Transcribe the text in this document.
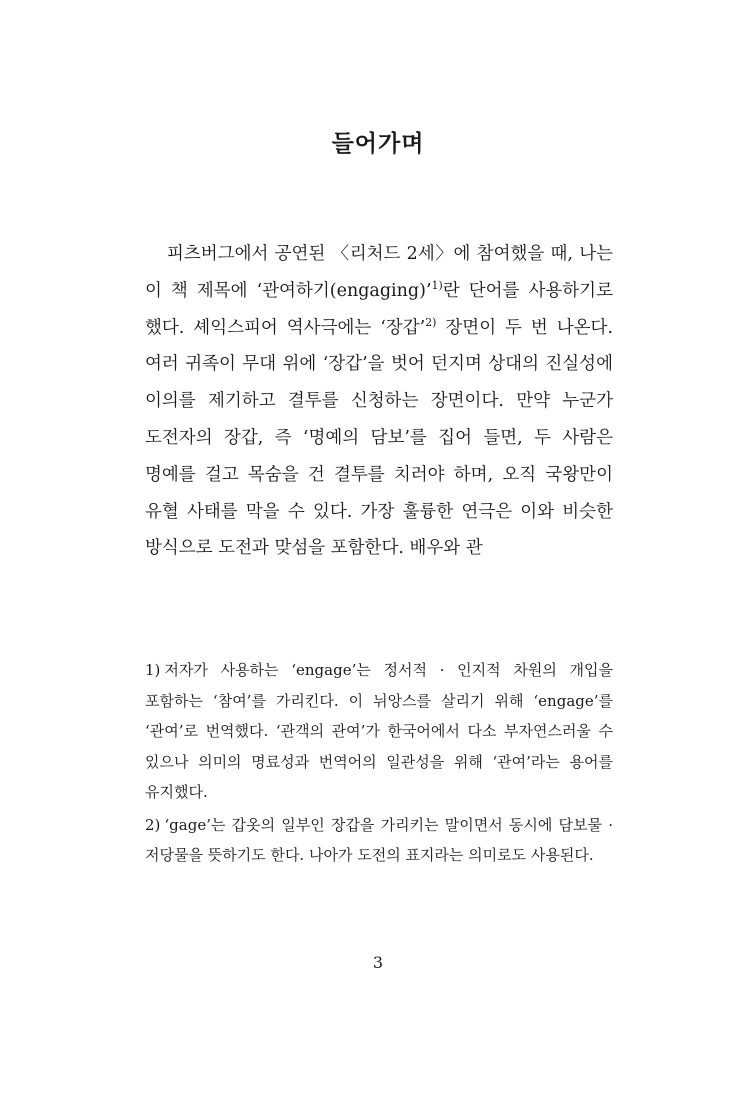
들어가며

피츠버그에서 공연된 〈리처드 2세〉에 참여했을 때, 나는 이 책 제목에 ‘관여하기(engaging)’$^{1)}$란 단어를 사용하기로 했다. 셰익스피어 역사극에는 ‘장갑’$^{2)}$ 장면이 두 번 나온다. 여러 귀족이 무대 위에 ‘장갑’을 벗어 던지며 상대의 진실성에 이의를 제기하고 결투를 신청하는 장면이다. 만약 누군가 도전자의 장갑, 즉 ‘명예의 담보’를 집어 들면, 두 사람은 명예를 걸고 목숨을 건 결투를 치러야 하며, 오직 국왕만이 유혈 사태를 막을 수 있다. 가장 훌륭한 연극은 이와 비슷한 방식으로 도전과 맞섬을 포함한다. 배우와 관

1) 저자가 사용하는 ‘engage’는 정서적 · 인지적 차원의 개입을 포함하는 ‘참여’를 가리킨다. 이 뉘앙스를 살리기 위해 ‘engage’를 ‘관여’로 번역했다. ‘관객의 관여’가 한국어에서 다소 부자연스러울 수 있으나 의미의 명료성과 번역어의 일관성을 위해 ‘관여’라는 용어를 유지했다.

2) ‘gage’는 갑옷의 일부인 장갑을 가리키는 말이면서 동시에 담보물 · 저당물을 뜻하기도 한다. 나아가 도전의 표지라는 의미로도 사용된다.

3
